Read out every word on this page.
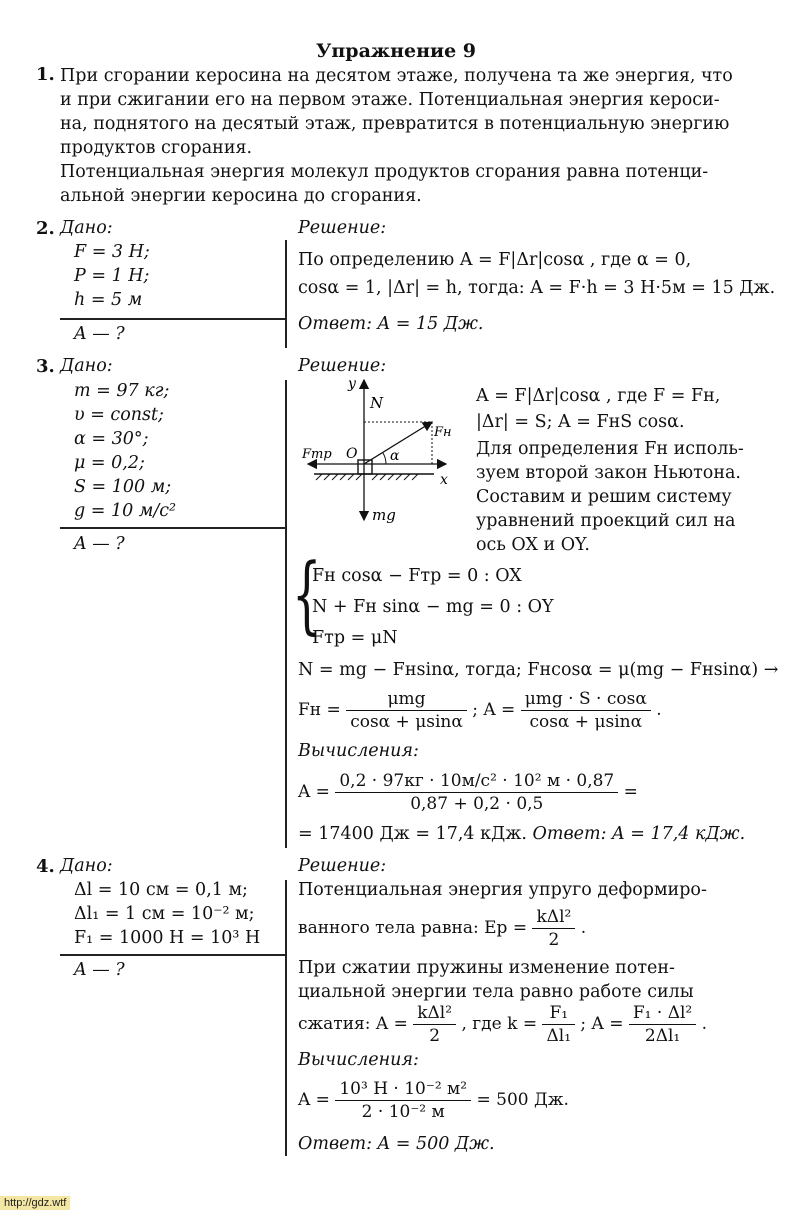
Упражнение 9
1. При сгорании керосина на десятом этаже, получена та же энергия, что
и при сжигании его на первом этаже. Потенциальная энергия кероси-
на, поднятого на десятый этаж, превратится в потенциальную энергию
продуктов сгорания.
Потенциальная энергия молекул продуктов сгорания равна потенци-
альной энергии керосина до сгорания.
2. Дано:
F = 3 Н;
P = 1 Н;
h = 5 м
A — ?
Решение:
По определению A = F|Δr|cosα , где α = 0,
cosα = 1, |Δr| = h, тогда: A = F·h = 3 Н·5м = 15 Дж.
Ответ: A = 15 Дж.
3. Дано:
m = 97 кг;
υ = const;
α = 30°;
μ = 0,2;
S = 100 м;
g = 10 м/с²
A — ?
Решение:
y
N
Fн
Fтр O α
x
mg
A = F|Δr|cosα , где F = Fн,
|Δr| = S; A = FнS cosα.
Для определения Fн исполь-
зуем второй закон Ньютона.
Составим и решим систему
уравнений проекций сил на
ось OX и OY.
{
Fн cosα − Fтр = 0 : OX
N + Fн sinα − mg = 0 : OY
Fтр = μN
N = mg − Fнsinα, тогда; Fнcosα = μ(mg − Fнsinα) →
Fн = $\frac{\text{μmg}}{\cos\alpha + \mu\sin\alpha}$ ; $A = \frac{\text{μmg · S · cosα}}{\cos\alpha + \mu\sin\alpha}$ .
Вычисления:
$A = \frac{\text{0,2 · 97кг · 10м/с² · 10² м · 0,87}}{0,87 + 0,2 \cdot 0,5}$ =
= 17400 Дж = 17,4 кДж. Ответ: A = 17,4 кДж.
4. Дано:
Δl = 10 см = 0,1 м;
Δl₁ = 1 см = 10⁻² м;
F₁ = 1000 Н = 10³ Н
A — ?
Решение:
Потенциальная энергия упруго деформиро-
ванного тела равна: Eр = $\frac{\text{kΔl²}}{2}$ .
При сжатии пружины изменение потен-
циальной энергии тела равно работе силы
сжатия: $A = \frac{\text{kΔl²}}{2}$ , где $k = \frac{\text{F₁}}{\text{Δl₁}}$ ; $A = \frac{\text{F₁ · Δl²}}{\text{2Δl₁}}$ .
Вычисления:
$A = \frac{\text{10³ Н · 10⁻² м²}}{\text{2 · 10⁻² м}} = 500$ Дж.
Ответ: A = 500 Дж.
http://gdz.wtf
